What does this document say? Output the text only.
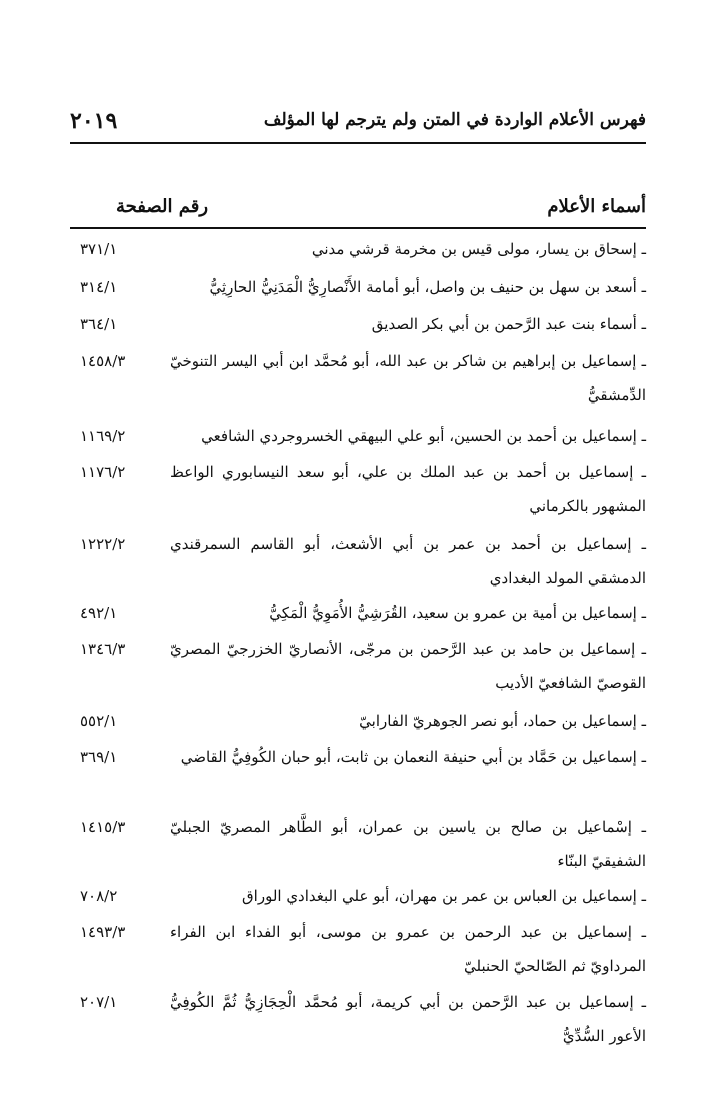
فهرس الأعلام الواردة في المتن ولم يترجم لها المؤلف
٢٠١٩
أسماء الأعلام
رقم الصفحة
ـ إسحاق بن يسار، مولى قيس بن مخرمة قرشي مدني
٣٧١/١
ـ أسعد بن سهل بن حنيف بن واصل، أبو أمامة الأَنْصارِيُّ الْمَدَنِيُّ الحارِثِيُّ
٣١٤/١
ـ أسماء بنت عبد الرَّحمن بن أبي بكر الصديق
٣٦٤/١
ـ إسماعيل بن إبراهيم بن شاكر بن عبد الله، أبو مُحمَّد ابن أبي اليسر التنوخيّ الدِّمشقيُّ
١٤٥٨/٣
ـ إسماعيل بن أحمد بن الحسين، أبو علي البيهقي الخسروجردي الشافعي
١١٦٩/٢
ـ إسماعيل بن أحمد بن عبد الملك بن علي، أبو سعد النيسابوري الواعظ المشهور بالكرماني
١١٧٦/٢
ـ إسماعيل بن أحمد بن عمر بن أبي الأشعث، أبو القاسم السمرقندي الدمشقي المولد البغدادي
١٢٢٢/٢
ـ إسماعيل بن أمية بن عمرو بن سعيد، القُرَشِيُّ الأُمَوِيُّ الْمَكِيُّ
٤٩٢/١
ـ إسماعيل بن حامد بن عبد الرَّحمن بن مرجّى، الأنصاريّ الخزرجيّ المصريّ القوصيّ الشافعيّ الأديب
١٣٤٦/٣
ـ إسماعيل بن حماد، أبو نصر الجوهريّ الفارابيّ
٥٥٢/١
ـ إسماعيل بن حَمَّاد بن أبي حنيفة النعمان بن ثابت، أبو حبان الكُوفِيُّ القاضي
٣٦٩/١
ـ إسْماعيل بن صالح بن ياسين بن عمران، أبو الطَّاهر المصريّ الجبليّ الشفيقيّ البنّاء
١٤١٥/٣
ـ إسماعيل بن العباس بن عمر بن مهران، أبو علي البغدادي الوراق
٧٠٨/٢
ـ إسماعيل بن عبد الرحمن بن عمرو بن موسى، أبو الفداء ابن الفراء المرداويّ ثم الصّالحيّ الحنبليّ
١٤٩٣/٣
ـ إسماعيل بن عبد الرَّحمن بن أبي كريمة، أبو مُحمَّد الْحِجَازِيُّ ثُمَّ الكُوفِيُّ الأعور السُّدِّيُّ
٢٠٧/١
